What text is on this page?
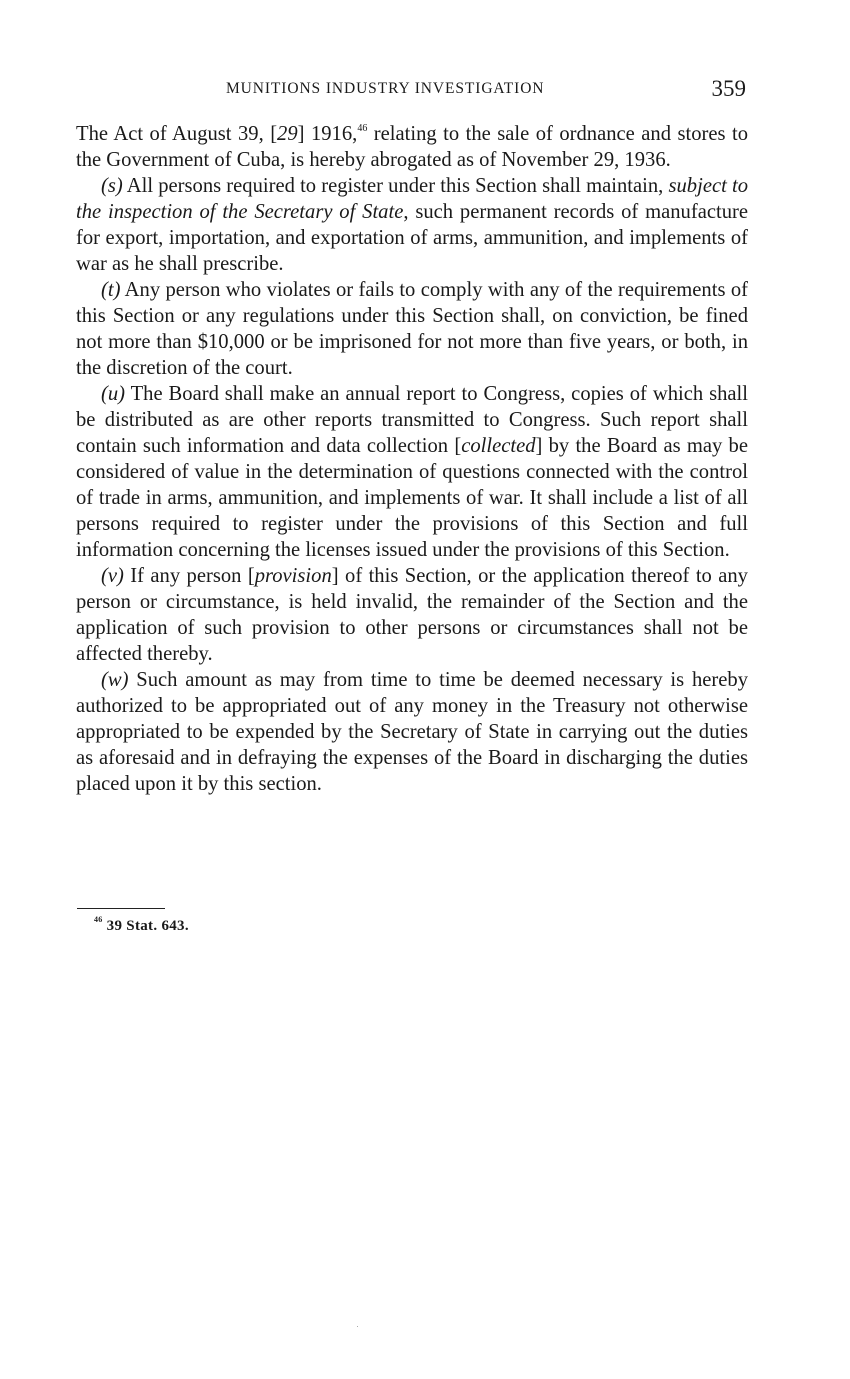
MUNITIONS INDUSTRY INVESTIGATION	359

The Act of August 39, [29] 1916,46 relating to the sale of ordnance and stores to the Government of Cuba, is hereby abrogated as of November 29, 1936.

(s) All persons required to register under this Section shall maintain, subject to the inspection of the Secretary of State, such permanent records of manufacture for export, importation, and exportation of arms, ammunition, and implements of war as he shall prescribe.

(t) Any person who violates or fails to comply with any of the requirements of this Section or any regulations under this Section shall, on conviction, be fined not more than $10,000 or be imprisoned for not more than five years, or both, in the discretion of the court.

(u) The Board shall make an annual report to Congress, copies of which shall be distributed as are other reports transmitted to Congress. Such report shall contain such information and data collection [collected] by the Board as may be considered of value in the determination of questions connected with the control of trade in arms, ammunition, and implements of war. It shall include a list of all persons required to register under the provisions of this Section and full information concerning the licenses issued under the provisions of this Section.

(v) If any person [provision] of this Section, or the application thereof to any person or circumstance, is held invalid, the remainder of the Section and the application of such provision to other persons or circumstances shall not be affected thereby.

(w) Such amount as may from time to time be deemed necessary is hereby authorized to be appropriated out of any money in the Treasury not otherwise appropriated to be expended by the Secretary of State in carrying out the duties as aforesaid and in defraying the expenses of the Board in discharging the duties placed upon it by this section.

$^{46}$ 39 Stat. 643.
